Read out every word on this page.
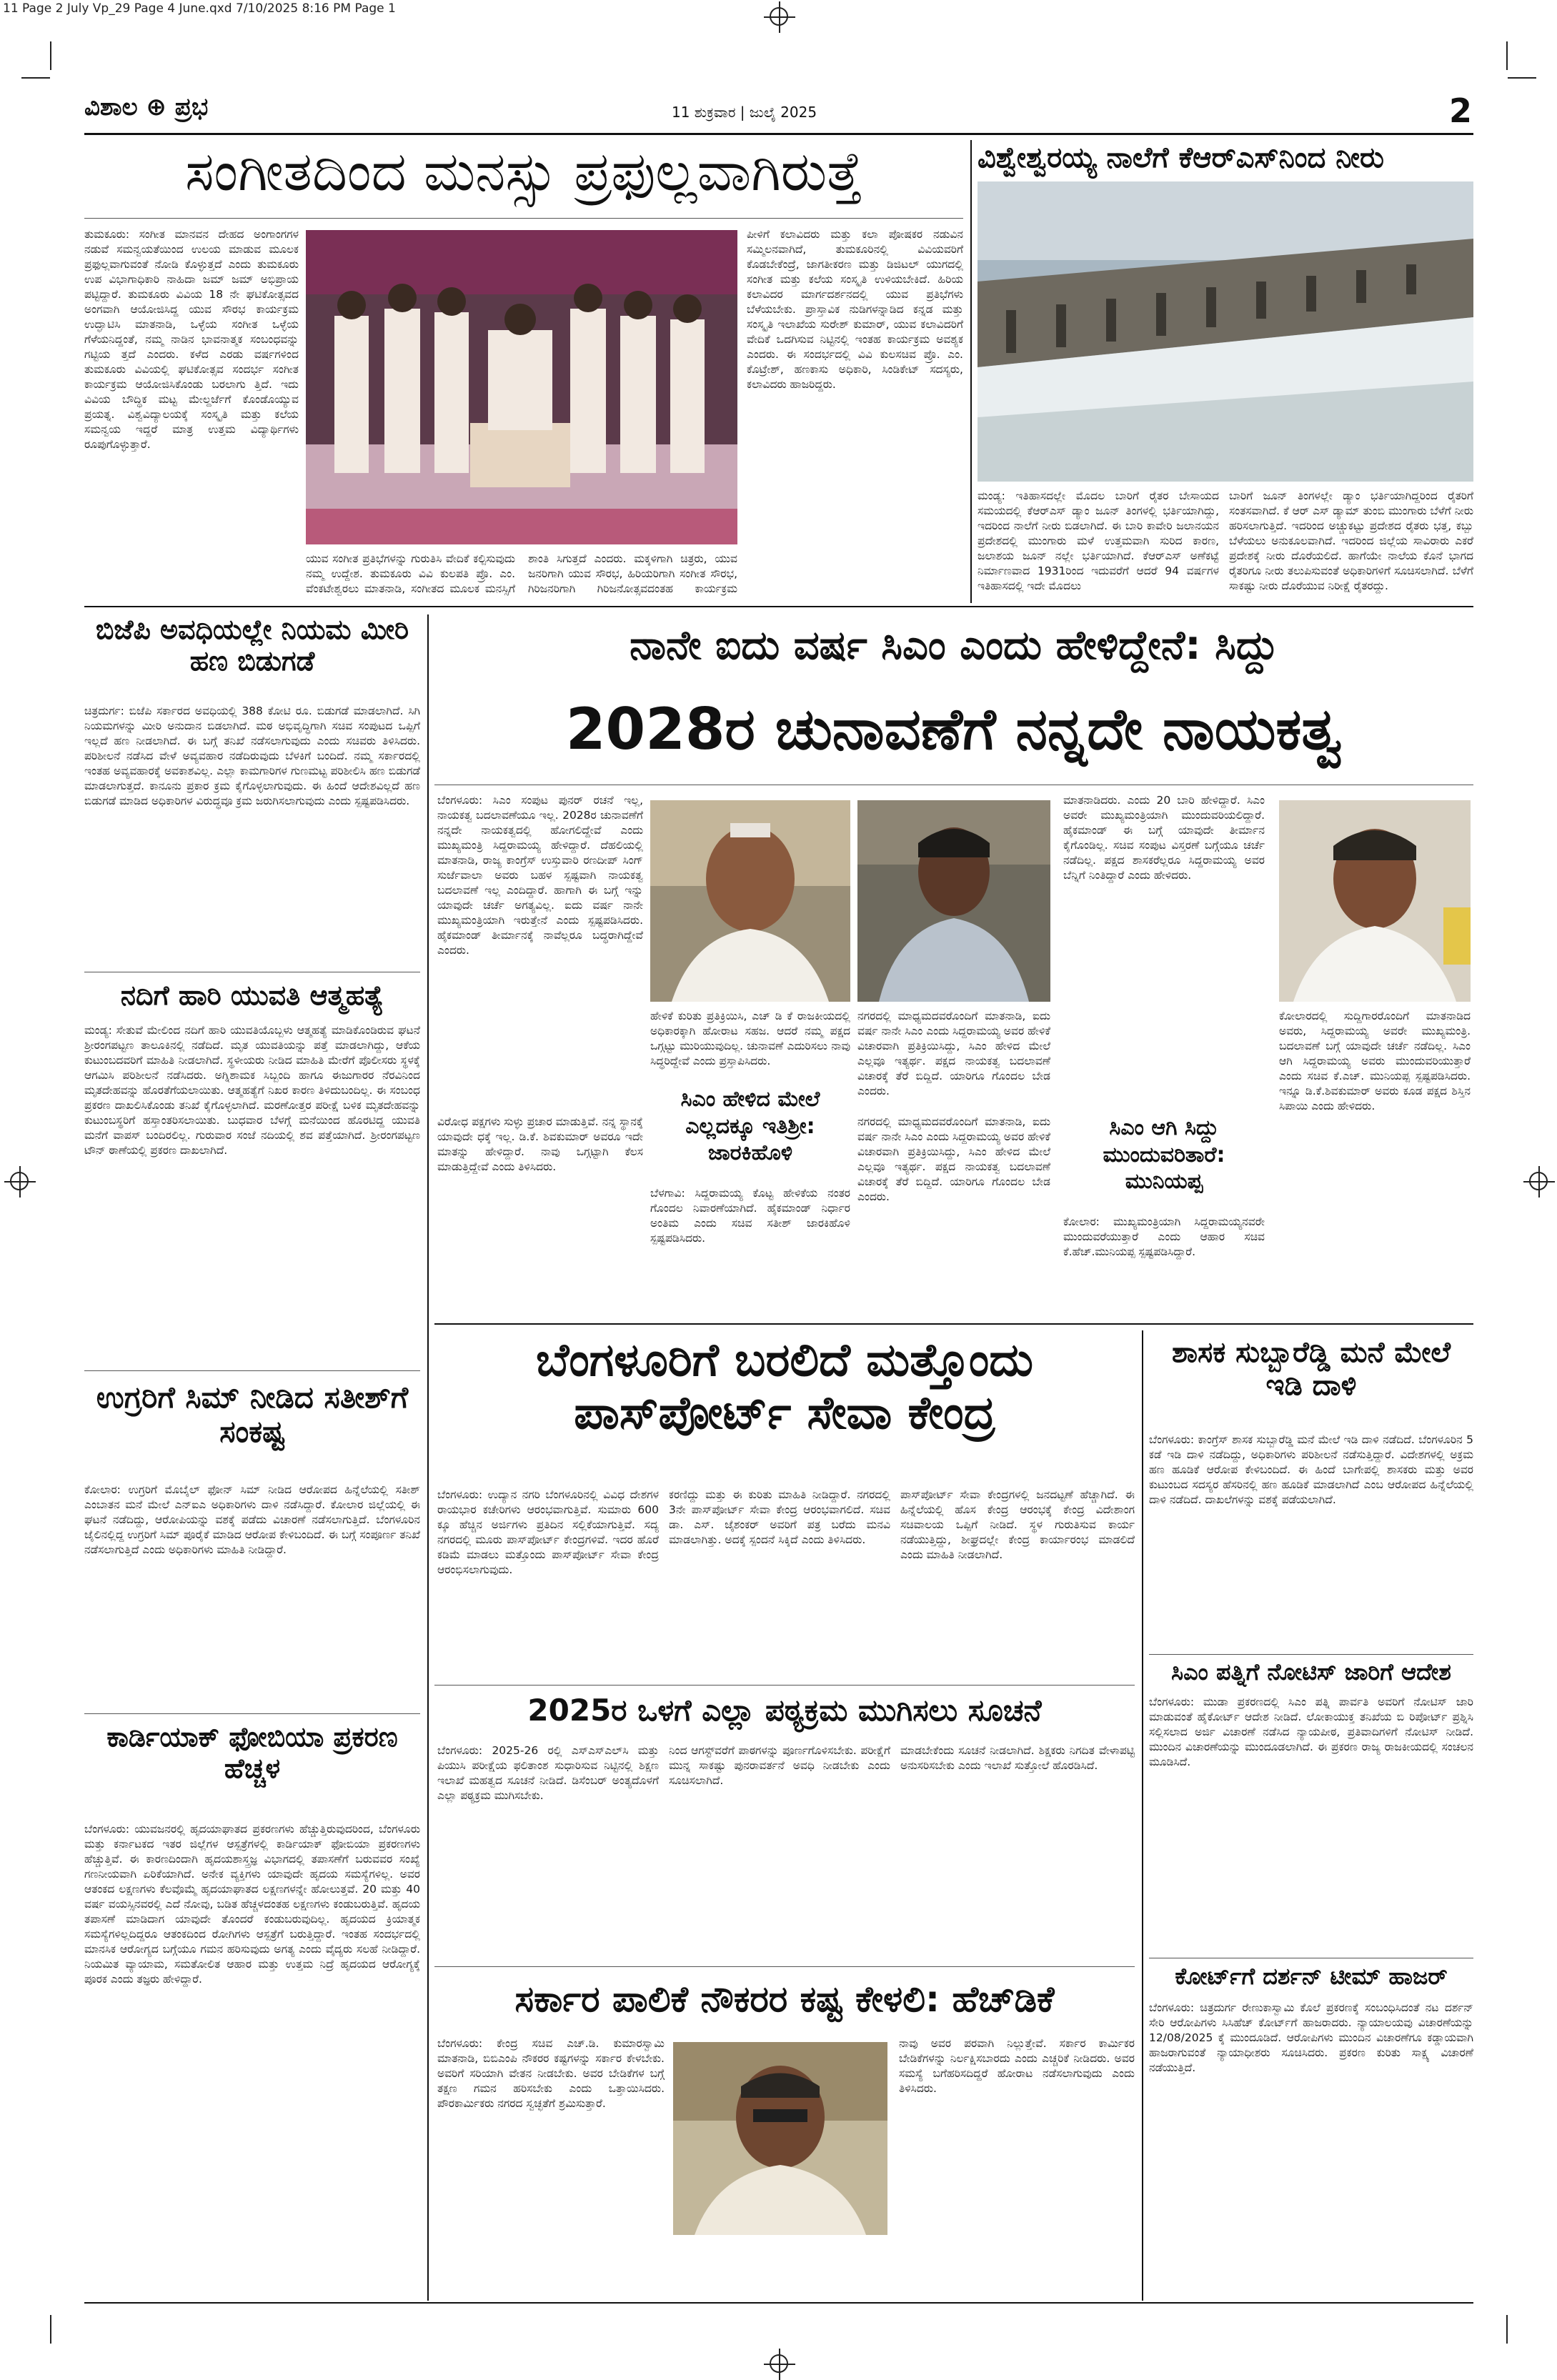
11 Page 2 July Vp_29 Page 4 June.qxd 7/10/2025 8:16 PM Page 1
ವಿಶಾಲ ⊕ ಪ್ರಭ	11 ಶುಕ್ರವಾರ | ಜುಲೈ 2025	2
ಸಂಗೀತದಿಂದ ಮನಸ್ಸು ಪ್ರಫುಲ್ಲವಾಗಿರುತ್ತೆ
ತುಮಕೂರು: ಸಂಗೀತ ಮಾನವನ ದೇಹದ ಅಂಗಾಂಗಗಳ ನಡುವೆ ಸಮನ್ವಯತೆಯಿಂದ ಉಲಯ ಮಾಡುವ ಮೂಲಕ ಪ್ರಫುಲ್ಲವಾಗುವಂತೆ ನೋಡಿ ಕೊಳ್ಳುತ್ತದೆ ಎಂದು ತುಮಕೂರು ಉಪ ವಿಭಾಗಾಧಿಕಾರಿ ನಾಹಿದಾ ಜಮ್ ಜಮ್ ಅಭಿಪ್ರಾಯ ಪಟ್ಟಿದ್ದಾರೆ. ತುಮಕೂರು ವಿವಿಯ 18 ನೇ ಘಟಿಕೋತ್ಸವದ ಅಂಗವಾಗಿ ಆಯೋಜಿಸಿದ್ದ ಯುವ ಸೌರಭ ಕಾರ್ಯಕ್ರಮ ಉದ್ಘಾಟಿಸಿ ಮಾತನಾಡಿ, ಒಳ್ಳೆಯ ಸಂಗೀತ ಒಳ್ಳೆಯ ಗೆಳೆಯನಿದ್ದಂತೆ, ನಮ್ಮ ನಾಡಿನ ಭಾವನಾತ್ಮಕ ಸಂಬಂಧವನ್ನು ಗಟ್ಟಿಯ ತ್ತದೆ ಎಂದರು. ಕಳೆದ ಎರಡು ವರ್ಷಗಳಿಂದ ತುಮಕೂರು ವಿವಿಯಲ್ಲಿ ಘಟಿಕೋತ್ಸವ ಸಂದರ್ಭ ಸಂಗೀತ ಕಾರ್ಯಕ್ರಮ ಆಯೋಜಿಸಿಕೊಂಡು ಬರಲಾಗು ತ್ತಿದೆ. ಇದು ವಿವಿಯ ಬೌದ್ಧಿಕ ಮಟ್ಟ ಮೇಲ್ದರ್ಜೆಗೆ ಕೊಂಡೊಯ್ಯುವ ಪ್ರಯತ್ನ. ವಿಶ್ವವಿದ್ಯಾಲಯಕ್ಕೆ ಸಂಸ್ಕೃತಿ ಮತ್ತು ಕಲೆಯ ಸಮನ್ವಯ ಇದ್ದರೆ ಮಾತ್ರ ಉತ್ತಮ ವಿದ್ಯಾರ್ಥಿಗಳು ರೂಪುಗೊಳ್ಳುತ್ತಾರೆ.
ಯುವ ಸಂಗೀತ ಪ್ರತಿಭೆಗಳನ್ನು ಗುರುತಿಸಿ ವೇದಿಕೆ ಕಲ್ಪಿಸುವುದು ನಮ್ಮ ಉದ್ದೇಶ. ತುಮಕೂರು ವಿವಿ ಕುಲಪತಿ ಪ್ರೊ. ಎಂ. ವೆಂಕಟೇಶ್ವರಲು ಮಾತನಾಡಿ, ಸಂಗೀತದ ಮೂಲಕ ಮನಸ್ಸಿಗೆ ಶಾಂತಿ ಸಿಗುತ್ತದೆ ಎಂದರು. ಮಕ್ಕಳಿಗಾಗಿ ಚಿತ್ರರು, ಯುವ ಜನರಿಗಾಗಿ ಯುವ ಸೌರಭ, ಹಿರಿಯರಿಗಾಗಿ ಸಂಗೀತ ಸೌರಭ, ಗಿರಿಜನರಿಗಾಗಿ ಗಿರಿಜನೋತ್ಸವದಂತಹ ಕಾರ್ಯಕ್ರಮ
ಪೀಳಿಗೆ ಕಲಾವಿದರು ಮತ್ತು ಕಲಾ ಪೋಷಕರ ನಡುವಿನ ಸಮ್ಮಿಲನವಾಗಿದೆ, ತುಮಕೂರಿನಲ್ಲಿ ವಿವಿಯವರಿಗೆ ಕೊಡಬೇಕೆಂದ್ರೆ, ಜಾಗತೀಕರಣ ಮತ್ತು ಡಿಜಿಟಲ್ ಯುಗದಲ್ಲಿ ಸಂಗೀತ ಮತ್ತು ಕಲೆಯ ಸಂಸ್ಕೃತಿ ಉಳಿಯಬೇಕಿದೆ. ಹಿರಿಯ ಕಲಾವಿದರ ಮಾರ್ಗದರ್ಶನದಲ್ಲಿ ಯುವ ಪ್ರತಿಭೆಗಳು ಬೆಳೆಯಬೇಕು. ಪ್ರಾಸ್ತಾವಿಕ ನುಡಿಗಳನ್ನಾಡಿದ ಕನ್ನಡ ಮತ್ತು ಸಂಸ್ಕೃತಿ ಇಲಾಖೆಯ ಸುರೇಶ್ ಕುಮಾರ್, ಯುವ ಕಲಾವಿದರಿಗೆ ವೇದಿಕೆ ಒದಗಿಸುವ ನಿಟ್ಟಿನಲ್ಲಿ ಇಂತಹ ಕಾರ್ಯಕ್ರಮ ಅವಶ್ಯಕ ಎಂದರು. ಈ ಸಂದರ್ಭದಲ್ಲಿ ವಿವಿ ಕುಲಸಚಿವ ಪ್ರೊ. ಎಂ. ಕೊಟ್ರೇಶ್, ಹಣಕಾಸು ಅಧಿಕಾರಿ, ಸಿಂಡಿಕೇಟ್ ಸದಸ್ಯರು, ಕಲಾವಿದರು ಹಾಜರಿದ್ದರು.
ವಿಶ್ವೇಶ್ವರಯ್ಯ ನಾಲೆಗೆ ಕೆಆರ್‌ಎಸ್‌ನಿಂದ ನೀರು
ಮಂಡ್ಯ: ಇತಿಹಾಸದಲ್ಲೇ ಮೊದಲ ಬಾರಿಗೆ ರೈತರ ಬೇಸಾಯದ ಸಮಯದಲ್ಲಿ ಕೆಆರ್‌ಎಸ್ ಡ್ಯಾಂ ಜೂನ್ ತಿಂಗಳಲ್ಲಿ ಭರ್ತಿಯಾಗಿದ್ದು, ಇದರಿಂದ ನಾಲೆಗೆ ನೀರು ಬಿಡಲಾಗಿದೆ. ಈ ಬಾರಿ ಕಾವೇರಿ ಜಲಾನಯನ ಪ್ರದೇಶದಲ್ಲಿ ಮುಂಗಾರು ಮಳೆ ಉತ್ತಮವಾಗಿ ಸುರಿದ ಕಾರಣ, ಜಲಾಶಯ ಜೂನ್ ನಲ್ಲೇ ಭರ್ತಿಯಾಗಿದೆ. ಕೆಆರ್‌ಎಸ್ ಅಣೆಕಟ್ಟೆ ನಿರ್ಮಾಣವಾದ 1931ರಿಂದ ಇದುವರೆಗೆ ಆದರೆ 94 ವರ್ಷಗಳ ಇತಿಹಾಸದಲ್ಲಿ ಇದೇ ಮೊದಲು
ಬಾರಿಗೆ ಜೂನ್ ತಿಂಗಳಲ್ಲೇ ಡ್ಯಾಂ ಭರ್ತಿಯಾಗಿದ್ದರಿಂದ ರೈತರಿಗೆ ಸಂತಸವಾಗಿದೆ. ಕೆ ಆರ್ ಎಸ್ ಡ್ಯಾಮ್ ತುಂಬಿ ಮುಂಗಾರು ಬೆಳೆಗೆ ನೀರು ಹರಿಸಲಾಗುತ್ತಿದೆ. ಇದರಿಂದ ಅಚ್ಚುಕಟ್ಟು ಪ್ರದೇಶದ ರೈತರು ಭತ್ತ, ಕಬ್ಬು ಬೆಳೆಯಲು ಅನುಕೂಲವಾಗಿದೆ. ಇದರಿಂದ ಜಿಲ್ಲೆಯ ಸಾವಿರಾರು ಎಕರೆ ಪ್ರದೇಶಕ್ಕೆ ನೀರು ದೊರೆಯಲಿದೆ. ಹಾಗೆಯೇ ನಾಲೆಯ ಕೊನೆ ಭಾಗದ ರೈತರಿಗೂ ನೀರು ತಲುಪಿಸುವಂತೆ ಅಧಿಕಾರಿಗಳಿಗೆ ಸೂಚಿಸಲಾಗಿದೆ. ಬೆಳೆಗೆ ಸಾಕಷ್ಟು ನೀರು ದೊರೆಯುವ ನಿರೀಕ್ಷೆ ರೈತರದ್ದು.
ಬಿಜೆಪಿ ಅವಧಿಯಲ್ಲೇ ನಿಯಮ ಮೀರಿ ಹಣ ಬಿಡುಗಡೆ
ಚಿತ್ರದುರ್ಗ: ಬಿಜೆಪಿ ಸರ್ಕಾರದ ಅವಧಿಯಲ್ಲಿ 388 ಕೋಟಿ ರೂ. ಬಿಡುಗಡೆ ಮಾಡಲಾಗಿದೆ. ಸಿಗಿ ನಿಯಮಗಳನ್ನು ಮೀರಿ ಅನುದಾನ ಬಿಡಲಾಗಿದೆ. ಮಠ ಅಭಿವೃದ್ಧಿಗಾಗಿ ಸಚಿವ ಸಂಪುಟದ ಒಪ್ಪಿಗೆ ಇಲ್ಲದೆ ಹಣ ನೀಡಲಾಗಿದೆ. ಈ ಬಗ್ಗೆ ತನಿಖೆ ನಡೆಸಲಾಗುವುದು ಎಂದು ಸಚಿವರು ತಿಳಿಸಿದರು. ಪರಿಶೀಲನೆ ನಡೆಸಿದ ವೇಳೆ ಅವ್ಯವಹಾರ ನಡೆದಿರುವುದು ಬೆಳಕಿಗೆ ಬಂದಿದೆ. ನಮ್ಮ ಸರ್ಕಾರದಲ್ಲಿ ಇಂತಹ ಅವ್ಯವಹಾರಕ್ಕೆ ಅವಕಾಶವಿಲ್ಲ. ಎಲ್ಲಾ ಕಾಮಗಾರಿಗಳ ಗುಣಮಟ್ಟ ಪರಿಶೀಲಿಸಿ ಹಣ ಬಿಡುಗಡೆ ಮಾಡಲಾಗುತ್ತದೆ. ಕಾನೂನು ಪ್ರಕಾರ ಕ್ರಮ ಕೈಗೊಳ್ಳಲಾಗುವುದು. ಈ ಹಿಂದೆ ಆದೇಶವಿಲ್ಲದೆ ಹಣ ಬಿಡುಗಡೆ ಮಾಡಿದ ಅಧಿಕಾರಿಗಳ ವಿರುದ್ಧವೂ ಕ್ರಮ ಜರುಗಿಸಲಾಗುವುದು ಎಂದು ಸ್ಪಷ್ಟಪಡಿಸಿದರು.
ನದಿಗೆ ಹಾರಿ ಯುವತಿ ಆತ್ಮಹತ್ಯೆ
ಮಂಡ್ಯ: ಸೇತುವೆ ಮೇಲಿಂದ ನದಿಗೆ ಹಾರಿ ಯುವತಿಯೊಬ್ಬಳು ಆತ್ಮಹತ್ಯೆ ಮಾಡಿಕೊಂಡಿರುವ ಘಟನೆ ಶ್ರೀರಂಗಪಟ್ಟಣ ತಾಲೂಕಿನಲ್ಲಿ ನಡೆದಿದೆ. ಮೃತ ಯುವತಿಯನ್ನು ಪತ್ತೆ ಮಾಡಲಾಗಿದ್ದು, ಆಕೆಯ ಕುಟುಂಬದವರಿಗೆ ಮಾಹಿತಿ ನೀಡಲಾಗಿದೆ. ಸ್ಥಳೀಯರು ನೀಡಿದ ಮಾಹಿತಿ ಮೇರೆಗೆ ಪೊಲೀಸರು ಸ್ಥಳಕ್ಕೆ ಆಗಮಿಸಿ ಪರಿಶೀಲನೆ ನಡೆಸಿದರು. ಅಗ್ನಿಶಾಮಕ ಸಿಬ್ಬಂದಿ ಹಾಗೂ ಈಜುಗಾರರ ನೆರವಿನಿಂದ ಮೃತದೇಹವನ್ನು ಹೊರತೆಗೆಯಲಾಯಿತು. ಆತ್ಮಹತ್ಯೆಗೆ ನಿಖರ ಕಾರಣ ತಿಳಿದುಬಂದಿಲ್ಲ. ಈ ಸಂಬಂಧ ಪ್ರಕರಣ ದಾಖಲಿಸಿಕೊಂಡು ತನಿಖೆ ಕೈಗೊಳ್ಳಲಾಗಿದೆ. ಮರಣೋತ್ತರ ಪರೀಕ್ಷೆ ಬಳಿಕ ಮೃತದೇಹವನ್ನು ಕುಟುಂಬಸ್ಥರಿಗೆ ಹಸ್ತಾಂತರಿಸಲಾಯಿತು. ಬುಧವಾರ ಬೆಳಗ್ಗೆ ಮನೆಯಿಂದ ಹೊರಟಿದ್ದ ಯುವತಿ ಮನೆಗೆ ವಾಪಸ್ ಬಂದಿರಲಿಲ್ಲ. ಗುರುವಾರ ಸಂಜೆ ನದಿಯಲ್ಲಿ ಶವ ಪತ್ತೆಯಾಗಿದೆ. ಶ್ರೀರಂಗಪಟ್ಟಣ ಟೌನ್ ಠಾಣೆಯಲ್ಲಿ ಪ್ರಕರಣ ದಾಖಲಾಗಿದೆ.
ಉಗ್ರರಿಗೆ ಸಿಮ್ ನೀಡಿದ ಸತೀಶ್‌ಗೆ ಸಂಕಷ್ಟ
ಕೋಲಾರ: ಉಗ್ರರಿಗೆ ಮೊಬೈಲ್ ಫೋನ್ ಸಿಮ್ ನೀಡಿದ ಆರೋಪದ ಹಿನ್ನೆಲೆಯಲ್ಲಿ ಸತೀಶ್ ಎಂಬಾತನ ಮನೆ ಮೇಲೆ ಎನ್‌ಐಎ ಅಧಿಕಾರಿಗಳು ದಾಳಿ ನಡೆಸಿದ್ದಾರೆ. ಕೋಲಾರ ಜಿಲ್ಲೆಯಲ್ಲಿ ಈ ಘಟನೆ ನಡೆದಿದ್ದು, ಆರೋಪಿಯನ್ನು ವಶಕ್ಕೆ ಪಡೆದು ವಿಚಾರಣೆ ನಡೆಸಲಾಗುತ್ತಿದೆ. ಬೆಂಗಳೂರಿನ ಜೈಲಿನಲ್ಲಿದ್ದ ಉಗ್ರರಿಗೆ ಸಿಮ್ ಪೂರೈಕೆ ಮಾಡಿದ ಆರೋಪ ಕೇಳಿಬಂದಿದೆ. ಈ ಬಗ್ಗೆ ಸಂಪೂರ್ಣ ತನಿಖೆ ನಡೆಸಲಾಗುತ್ತಿದೆ ಎಂದು ಅಧಿಕಾರಿಗಳು ಮಾಹಿತಿ ನೀಡಿದ್ದಾರೆ.
ಕಾರ್ಡಿಯಾಕ್ ಫೋಬಿಯಾ ಪ್ರಕರಣ ಹೆಚ್ಚಳ
ಬೆಂಗಳೂರು: ಯುವಜನರಲ್ಲಿ ಹೃದಯಾಘಾತದ ಪ್ರಕರಣಗಳು ಹೆಚ್ಚುತ್ತಿರುವುದರಿಂದ, ಬೆಂಗಳೂರು ಮತ್ತು ಕರ್ನಾಟಕದ ಇತರ ಜಿಲ್ಲೆಗಳ ಆಸ್ಪತ್ರೆಗಳಲ್ಲಿ ಕಾರ್ಡಿಯಾಕ್ ಫೋಬಿಯಾ ಪ್ರಕರಣಗಳು ಹೆಚ್ಚುತ್ತಿವೆ. ಈ ಕಾರಣದಿಂದಾಗಿ ಹೃದಯಶಾಸ್ತ್ರಜ್ಞ ವಿಭಾಗದಲ್ಲಿ ತಪಾಸಣೆಗೆ ಬರುವವರ ಸಂಖ್ಯೆ ಗಣನೀಯವಾಗಿ ಏರಿಕೆಯಾಗಿದೆ. ಅನೇಕ ವ್ಯಕ್ತಿಗಳು ಯಾವುದೇ ಹೃದಯ ಸಮಸ್ಯೆಗಳಿಲ್ಲ. ಅವರ ಆತಂಕದ ಲಕ್ಷಣಗಳು ಕೆಲವೊಮ್ಮೆ ಹೃದಯಾಘಾತದ ಲಕ್ಷಣಗಳನ್ನೇ ಹೋಲುತ್ತವೆ. 20 ಮತ್ತು 40 ವರ್ಷ ವಯಸ್ಸಿನವರಲ್ಲಿ ಎದೆ ನೋವು, ಬಡಿತ ಹೆಚ್ಚಳದಂತಹ ಲಕ್ಷಣಗಳು ಕಂಡುಬರುತ್ತಿವೆ. ಹೃದಯ ತಪಾಸಣೆ ಮಾಡಿದಾಗ ಯಾವುದೇ ತೊಂದರೆ ಕಂಡುಬರುವುದಿಲ್ಲ. ಹೃದಯದ ಕ್ರಿಯಾತ್ಮಕ ಸಮಸ್ಯೆಗಳಿಲ್ಲದಿದ್ದರೂ ಆತಂಕದಿಂದ ರೋಗಿಗಳು ಆಸ್ಪತ್ರೆಗೆ ಬರುತ್ತಿದ್ದಾರೆ. ಇಂತಹ ಸಂದರ್ಭದಲ್ಲಿ ಮಾನಸಿಕ ಆರೋಗ್ಯದ ಬಗ್ಗೆಯೂ ಗಮನ ಹರಿಸುವುದು ಅಗತ್ಯ ಎಂದು ವೈದ್ಯರು ಸಲಹೆ ನೀಡಿದ್ದಾರೆ. ನಿಯಮಿತ ವ್ಯಾಯಾಮ, ಸಮತೋಲಿತ ಆಹಾರ ಮತ್ತು ಉತ್ತಮ ನಿದ್ರೆ ಹೃದಯದ ಆರೋಗ್ಯಕ್ಕೆ ಪೂರಕ ಎಂದು ತಜ್ಞರು ಹೇಳಿದ್ದಾರೆ.
ನಾನೇ ಐದು ವರ್ಷ ಸಿಎಂ ಎಂದು ಹೇಳಿದ್ದೇನೆ: ಸಿದ್ದು
2028ರ ಚುನಾವಣೆಗೆ ನನ್ನದೇ ನಾಯಕತ್ವ
ಬೆಂಗಳೂರು: ಸಿಎಂ ಸಂಪುಟ ಪುನರ್ ರಚನೆ ಇಲ್ಲ, ನಾಯಕತ್ವ ಬದಲಾವಣೆಯೂ ಇಲ್ಲ. 2028ರ ಚುನಾವಣೆಗೆ ನನ್ನದೇ ನಾಯಕತ್ವದಲ್ಲಿ ಹೋಗಲಿದ್ದೇವೆ ಎಂದು ಮುಖ್ಯಮಂತ್ರಿ ಸಿದ್ದರಾಮಯ್ಯ ಹೇಳಿದ್ದಾರೆ. ದೆಹಲಿಯಲ್ಲಿ ಮಾತನಾಡಿ, ರಾಜ್ಯ ಕಾಂಗ್ರೆಸ್ ಉಸ್ತುವಾರಿ ರಣದೀಪ್ ಸಿಂಗ್ ಸುರ್ಜೆವಾಲಾ ಅವರು ಬಹಳ ಸ್ಪಷ್ಟವಾಗಿ ನಾಯಕತ್ವ ಬದಲಾವಣೆ ಇಲ್ಲ ಎಂದಿದ್ದಾರೆ. ಹಾಗಾಗಿ ಈ ಬಗ್ಗೆ ಇನ್ನು ಯಾವುದೇ ಚರ್ಚೆ ಅಗತ್ಯವಿಲ್ಲ. ಐದು ವರ್ಷ ನಾನೇ ಮುಖ್ಯಮಂತ್ರಿಯಾಗಿ ಇರುತ್ತೇನೆ ಎಂದು ಸ್ಪಷ್ಟಪಡಿಸಿದರು. ಹೈಕಮಾಂಡ್ ತೀರ್ಮಾನಕ್ಕೆ ನಾವೆಲ್ಲರೂ ಬದ್ಧರಾಗಿದ್ದೇವೆ ಎಂದರು.
ಮಾತನಾಡಿದರು. ಎಂದು 20 ಬಾರಿ ಹೇಳಿದ್ದಾರೆ. ಸಿಎಂ ಅವರೇ ಮುಖ್ಯಮಂತ್ರಿಯಾಗಿ ಮುಂದುವರಿಯಲಿದ್ದಾರೆ. ಹೈಕಮಾಂಡ್ ಈ ಬಗ್ಗೆ ಯಾವುದೇ ತೀರ್ಮಾನ ಕೈಗೊಂಡಿಲ್ಲ. ಸಚಿವ ಸಂಪುಟ ವಿಸ್ತರಣೆ ಬಗ್ಗೆಯೂ ಚರ್ಚೆ ನಡೆದಿಲ್ಲ. ಪಕ್ಷದ ಶಾಸಕರೆಲ್ಲರೂ ಸಿದ್ದರಾಮಯ್ಯ ಅವರ ಬೆನ್ನಿಗೆ ನಿಂತಿದ್ದಾರೆ ಎಂದು ಹೇಳಿದರು.
ಹೇಳಿಕೆ ಕುರಿತು ಪ್ರತಿಕ್ರಿಯಿಸಿ, ಎಚ್ ಡಿ ಕೆ ರಾಜಕೀಯದಲ್ಲಿ ಅಧಿಕಾರಕ್ಕಾಗಿ ಹೋರಾಟ ಸಹಜ. ಆದರೆ ನಮ್ಮ ಪಕ್ಷದ ಒಗ್ಗಟ್ಟು ಮುರಿಯುವುದಿಲ್ಲ. ಚುನಾವಣೆ ಎದುರಿಸಲು ನಾವು ಸಿದ್ಧರಿದ್ದೇವೆ ಎಂದು ಪ್ರಸ್ತಾಪಿಸಿದರು.
ನಗರದಲ್ಲಿ ಮಾಧ್ಯಮದವರೊಂದಿಗೆ ಮಾತನಾಡಿ, ಐದು ವರ್ಷ ನಾನೇ ಸಿಎಂ ಎಂದು ಸಿದ್ದರಾಮಯ್ಯ ಅವರ ಹೇಳಿಕೆ ವಿಚಾರವಾಗಿ ಪ್ರತಿಕ್ರಿಯಿಸಿದ್ದು, ಸಿಎಂ ಹೇಳಿದ ಮೇಲೆ ಎಲ್ಲವೂ ಇತ್ಯರ್ಥ. ಪಕ್ಷದ ನಾಯಕತ್ವ ಬದಲಾವಣೆ ವಿಚಾರಕ್ಕೆ ತೆರೆ ಬಿದ್ದಿದೆ. ಯಾರಿಗೂ ಗೊಂದಲ ಬೇಡ ಎಂದರು.
ಕೋಲಾರದಲ್ಲಿ ಸುದ್ದಿಗಾರರೊಂದಿಗೆ ಮಾತನಾಡಿದ ಅವರು, ಸಿದ್ದರಾಮಯ್ಯ ಅವರೇ ಮುಖ್ಯಮಂತ್ರಿ. ಬದಲಾವಣೆ ಬಗ್ಗೆ ಯಾವುದೇ ಚರ್ಚೆ ನಡೆದಿಲ್ಲ. ಸಿಎಂ ಆಗಿ ಸಿದ್ದರಾಮಯ್ಯ ಅವರು ಮುಂದುವರಿಯುತ್ತಾರೆ ಎಂದು ಸಚಿವ ಕೆ.ಎಚ್. ಮುನಿಯಪ್ಪ ಸ್ಪಷ್ಟಪಡಿಸಿದರು. ಇನ್ನೂ ಡಿ.ಕೆ.ಶಿವಕುಮಾರ್ ಅವರು ಕೂಡ ಪಕ್ಷದ ಶಿಸ್ತಿನ ಸಿಪಾಯಿ ಎಂದು ಹೇಳಿದರು.
ಸಿಎಂ ಹೇಳಿದ ಮೇಲೆ ಎಲ್ಲದಕ್ಕೂ ಇತಿಶ್ರೀ: ಜಾರಕಿಹೊಳಿ
ಬೆಳಗಾವಿ: ಸಿದ್ದರಾಮಯ್ಯ ಕೊಟ್ಟ ಹೇಳಿಕೆಯ ನಂತರ ಗೊಂದಲ ನಿವಾರಣೆಯಾಗಿದೆ. ಹೈಕಮಾಂಡ್ ನಿರ್ಧಾರ ಅಂತಿಮ ಎಂದು ಸಚಿವ ಸತೀಶ್ ಜಾರಕಿಹೊಳಿ ಸ್ಪಷ್ಟಪಡಿಸಿದರು.
ಸಿಎಂ ಆಗಿ ಸಿದ್ದು ಮುಂದುವರಿತಾರೆ: ಮುನಿಯಪ್ಪ
ಕೋಲಾರ: ಮುಖ್ಯಮಂತ್ರಿಯಾಗಿ ಸಿದ್ದರಾಮಯ್ಯನವರೇ ಮುಂದುವರೆಯುತ್ತಾರೆ ಎಂದು ಆಹಾರ ಸಚಿವ ಕೆ.ಹೆಚ್.ಮುನಿಯಪ್ಪ ಸ್ಪಷ್ಟಪಡಿಸಿದ್ದಾರೆ.
ವಿರೋಧ ಪಕ್ಷಗಳು ಸುಳ್ಳು ಪ್ರಚಾರ ಮಾಡುತ್ತಿವೆ. ನನ್ನ ಸ್ಥಾನಕ್ಕೆ ಯಾವುದೇ ಧಕ್ಕೆ ಇಲ್ಲ. ಡಿ.ಕೆ. ಶಿವಕುಮಾರ್ ಅವರೂ ಇದೇ ಮಾತನ್ನು ಹೇಳಿದ್ದಾರೆ. ನಾವು ಒಗ್ಗಟ್ಟಾಗಿ ಕೆಲಸ ಮಾಡುತ್ತಿದ್ದೇವೆ ಎಂದು ತಿಳಿಸಿದರು.
ನಗರದಲ್ಲಿ ಮಾಧ್ಯಮದವರೊಂದಿಗೆ ಮಾತನಾಡಿ, ಐದು ವರ್ಷ ನಾನೇ ಸಿಎಂ ಎಂದು ಸಿದ್ದರಾಮಯ್ಯ ಅವರ ಹೇಳಿಕೆ ವಿಚಾರವಾಗಿ ಪ್ರತಿಕ್ರಿಯಿಸಿದ್ದು, ಸಿಎಂ ಹೇಳಿದ ಮೇಲೆ ಎಲ್ಲವೂ ಇತ್ಯರ್ಥ. ಪಕ್ಷದ ನಾಯಕತ್ವ ಬದಲಾವಣೆ ವಿಚಾರಕ್ಕೆ ತೆರೆ ಬಿದ್ದಿದೆ. ಯಾರಿಗೂ ಗೊಂದಲ ಬೇಡ ಎಂದರು.
ಬೆಂಗಳೂರಿಗೆ ಬರಲಿದೆ ಮತ್ತೊಂದು ಪಾಸ್‌ಪೋರ್ಟ್ ಸೇವಾ ಕೇಂದ್ರ
ಬೆಂಗಳೂರು: ಉದ್ಯಾನ ನಗರಿ ಬೆಂಗಳೂರಿನಲ್ಲಿ ವಿವಿಧ ದೇಶಗಳ ರಾಯಭಾರ ಕಚೇರಿಗಳು ಆರಂಭವಾಗುತ್ತಿವೆ. ಸುಮಾರು 600 ಕ್ಕೂ ಹೆಚ್ಚಿನ ಅರ್ಜಿಗಳು ಪ್ರತಿದಿನ ಸಲ್ಲಿಕೆಯಾಗುತ್ತಿವೆ. ಸದ್ಯ ನಗರದಲ್ಲಿ ಮೂರು ಪಾಸ್‌ಪೋರ್ಟ್ ಕೇಂದ್ರಗಳಿವೆ. ಇದರ ಹೊರೆ ಕಡಿಮೆ ಮಾಡಲು ಮತ್ತೊಂದು ಪಾಸ್‌ಪೋರ್ಟ್ ಸೇವಾ ಕೇಂದ್ರ ಆರಂಭಿಸಲಾಗುವುದು.
ಕರಣಿದ್ದು ಮತ್ತು ಈ ಕುರಿತು ಮಾಹಿತಿ ನೀಡಿದ್ದಾರೆ. ನಗರದಲ್ಲಿ 3ನೇ ಪಾಸ್‌ಪೋರ್ಟ್ ಸೇವಾ ಕೇಂದ್ರ ಆರಂಭವಾಗಲಿದೆ. ಸಚಿವ ಡಾ. ಎಸ್. ಜೈಶಂಕರ್ ಅವರಿಗೆ ಪತ್ರ ಬರೆದು ಮನವಿ ಮಾಡಲಾಗಿತ್ತು. ಅದಕ್ಕೆ ಸ್ಪಂದನೆ ಸಿಕ್ಕಿದೆ ಎಂದು ತಿಳಿಸಿದರು.
ಪಾಸ್‌ಪೋರ್ಟ್ ಸೇವಾ ಕೇಂದ್ರಗಳಲ್ಲಿ ಜನದಟ್ಟಣೆ ಹೆಚ್ಚಾಗಿದೆ. ಈ ಹಿನ್ನೆಲೆಯಲ್ಲಿ ಹೊಸ ಕೇಂದ್ರ ಆರಂಭಕ್ಕೆ ಕೇಂದ್ರ ವಿದೇಶಾಂಗ ಸಚಿವಾಲಯ ಒಪ್ಪಿಗೆ ನೀಡಿದೆ. ಸ್ಥಳ ಗುರುತಿಸುವ ಕಾರ್ಯ ನಡೆಯುತ್ತಿದ್ದು, ಶೀಘ್ರದಲ್ಲೇ ಕೇಂದ್ರ ಕಾರ್ಯಾರಂಭ ಮಾಡಲಿದೆ ಎಂದು ಮಾಹಿತಿ ನೀಡಲಾಗಿದೆ.
2025ರ ಒಳಗೆ ಎಲ್ಲಾ ಪಠ್ಯಕ್ರಮ ಮುಗಿಸಲು ಸೂಚನೆ
ಬೆಂಗಳೂರು: 2025-26 ರಲ್ಲಿ ಎಸ್‌ಎಸ್‌ಎಲ್‌ಸಿ ಮತ್ತು ಪಿಯುಸಿ ಪರೀಕ್ಷೆಯ ಫಲಿತಾಂಶ ಸುಧಾರಿಸುವ ನಿಟ್ಟಿನಲ್ಲಿ ಶಿಕ್ಷಣ ಇಲಾಖೆ ಮಹತ್ವದ ಸೂಚನೆ ನೀಡಿದೆ. ಡಿಸೆಂಬರ್ ಅಂತ್ಯದೊಳಗೆ ಎಲ್ಲಾ ಪಠ್ಯಕ್ರಮ ಮುಗಿಸಬೇಕು.
ನಿಂದ ಆಗಸ್ಟ್‌ವರೆಗೆ ಪಾಠಗಳನ್ನು ಪೂರ್ಣಗೊಳಿಸಬೇಕು. ಪರೀಕ್ಷೆಗೆ ಮುನ್ನ ಸಾಕಷ್ಟು ಪುನರಾವರ್ತನೆ ಅವಧಿ ನೀಡಬೇಕು ಎಂದು ಸೂಚಿಸಲಾಗಿದೆ.
ಮಾಡಬೇಕೆಂದು ಸೂಚನೆ ನೀಡಲಾಗಿದೆ. ಶಿಕ್ಷಕರು ನಿಗದಿತ ವೇಳಾಪಟ್ಟಿ ಅನುಸರಿಸಬೇಕು ಎಂದು ಇಲಾಖೆ ಸುತ್ತೋಲೆ ಹೊರಡಿಸಿದೆ.
ಸರ್ಕಾರ ಪಾಲಿಕೆ ನೌಕರರ ಕಷ್ಟ ಕೇಳಲಿ: ಹೆಚ್‌ಡಿಕೆ
ಬೆಂಗಳೂರು: ಕೇಂದ್ರ ಸಚಿವ ಎಚ್.ಡಿ. ಕುಮಾರಸ್ವಾಮಿ ಮಾತನಾಡಿ, ಬಿಬಿಎಂಪಿ ನೌಕರರ ಕಷ್ಟಗಳನ್ನು ಸರ್ಕಾರ ಕೇಳಬೇಕು. ಅವರಿಗೆ ಸರಿಯಾಗಿ ವೇತನ ನೀಡಬೇಕು. ಅವರ ಬೇಡಿಕೆಗಳ ಬಗ್ಗೆ ತಕ್ಷಣ ಗಮನ ಹರಿಸಬೇಕು ಎಂದು ಒತ್ತಾಯಿಸಿದರು. ಪೌರಕಾರ್ಮಿಕರು ನಗರದ ಸ್ವಚ್ಛತೆಗೆ ಶ್ರಮಿಸುತ್ತಾರೆ.
ನಾವು ಅವರ ಪರವಾಗಿ ನಿಲ್ಲುತ್ತೇವೆ. ಸರ್ಕಾರ ಕಾರ್ಮಿಕರ ಬೇಡಿಕೆಗಳನ್ನು ನಿರ್ಲಕ್ಷಿಸಬಾರದು ಎಂದು ಎಚ್ಚರಿಕೆ ನೀಡಿದರು. ಅವರ ಸಮಸ್ಯೆ ಬಗೆಹರಿಸದಿದ್ದರೆ ಹೋರಾಟ ನಡೆಸಲಾಗುವುದು ಎಂದು ತಿಳಿಸಿದರು.
ಶಾಸಕ ಸುಬ್ಬಾರೆಡ್ಡಿ ಮನೆ ಮೇಲೆ ಇಡಿ ದಾಳಿ
ಬೆಂಗಳೂರು: ಕಾಂಗ್ರೆಸ್ ಶಾಸಕ ಸುಬ್ಬಾರೆಡ್ಡಿ ಮನೆ ಮೇಲೆ ಇಡಿ ದಾಳಿ ನಡೆದಿದೆ. ಬೆಂಗಳೂರಿನ 5 ಕಡೆ ಇಡಿ ದಾಳಿ ನಡೆದಿದ್ದು, ಅಧಿಕಾರಿಗಳು ಪರಿಶೀಲನೆ ನಡೆಸುತ್ತಿದ್ದಾರೆ. ವಿದೇಶಗಳಲ್ಲಿ ಅಕ್ರಮ ಹಣ ಹೂಡಿಕೆ ಆರೋಪ ಕೇಳಿಬಂದಿದೆ. ಈ ಹಿಂದೆ ಬಾಗೇಪಲ್ಲಿ ಶಾಸಕರು ಮತ್ತು ಅವರ ಕುಟುಂಬದ ಸದಸ್ಯರ ಹೆಸರಿನಲ್ಲಿ ಹಣ ಹೂಡಿಕೆ ಮಾಡಲಾಗಿದೆ ಎಂಬ ಆರೋಪದ ಹಿನ್ನೆಲೆಯಲ್ಲಿ ದಾಳಿ ನಡೆದಿದೆ. ದಾಖಲೆಗಳನ್ನು ವಶಕ್ಕೆ ಪಡೆಯಲಾಗಿದೆ.
ಸಿಎಂ ಪತ್ನಿಗೆ ನೋಟಿಸ್ ಜಾರಿಗೆ ಆದೇಶ
ಬೆಂಗಳೂರು: ಮುಡಾ ಪ್ರಕರಣದಲ್ಲಿ ಸಿಎಂ ಪತ್ನಿ ಪಾರ್ವತಿ ಅವರಿಗೆ ನೋಟಿಸ್ ಜಾರಿ ಮಾಡುವಂತೆ ಹೈಕೋರ್ಟ್ ಆದೇಶ ನೀಡಿದೆ. ಲೋಕಾಯುಕ್ತ ತನಿಖೆಯ ಬಿ ರಿಪೋರ್ಟ್ ಪ್ರಶ್ನಿಸಿ ಸಲ್ಲಿಸಲಾದ ಅರ್ಜಿ ವಿಚಾರಣೆ ನಡೆಸಿದ ನ್ಯಾಯಪೀಠ, ಪ್ರತಿವಾದಿಗಳಿಗೆ ನೋಟಿಸ್ ನೀಡಿದೆ. ಮುಂದಿನ ವಿಚಾರಣೆಯನ್ನು ಮುಂದೂಡಲಾಗಿದೆ. ಈ ಪ್ರಕರಣ ರಾಜ್ಯ ರಾಜಕೀಯದಲ್ಲಿ ಸಂಚಲನ ಮೂಡಿಸಿದೆ.
ಕೋರ್ಟ್‌ಗೆ ದರ್ಶನ್ ಟೀಮ್ ಹಾಜರ್
ಬೆಂಗಳೂರು: ಚಿತ್ರದುರ್ಗ ರೇಣುಕಾಸ್ವಾಮಿ ಕೊಲೆ ಪ್ರಕರಣಕ್ಕೆ ಸಂಬಂಧಿಸಿದಂತೆ ನಟ ದರ್ಶನ್ ಸೇರಿ ಆರೋಪಿಗಳು ಸಿಸಿಹೆಚ್ ಕೋರ್ಟ್‌ಗೆ ಹಾಜರಾದರು. ನ್ಯಾಯಾಲಯವು ವಿಚಾರಣೆಯನ್ನು 12/08/2025 ಕ್ಕೆ ಮುಂದೂಡಿದೆ. ಆರೋಪಿಗಳು ಮುಂದಿನ ವಿಚಾರಣೆಗೂ ಕಡ್ಡಾಯವಾಗಿ ಹಾಜರಾಗುವಂತೆ ನ್ಯಾಯಾಧೀಶರು ಸೂಚಿಸಿದರು. ಪ್ರಕರಣ ಕುರಿತು ಸಾಕ್ಷ್ಯ ವಿಚಾರಣೆ ನಡೆಯುತ್ತಿದೆ.
